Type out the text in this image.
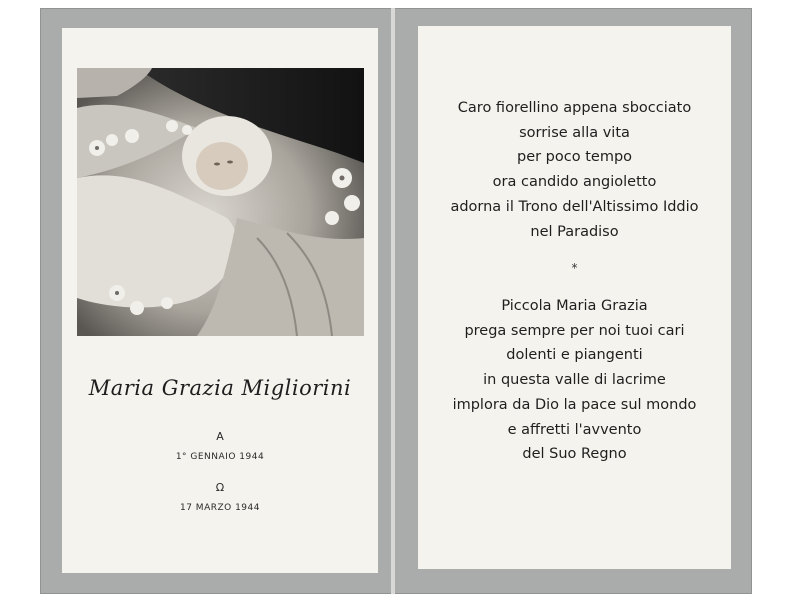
Maria Grazia Migliorini
A
1° GENNAIO 1944
Ω
17 MARZO 1944
Caro fiorellino appena sbocciato
sorrise alla vita
per poco tempo
ora candido angioletto
adorna il Trono dell'Altissimo Iddio
nel Paradiso
*
Piccola Maria Grazia
prega sempre per noi tuoi cari
dolenti e piangenti
in questa valle di lacrime
implora da Dio la pace sul mondo
e affretti l'avvento
del Suo Regno
